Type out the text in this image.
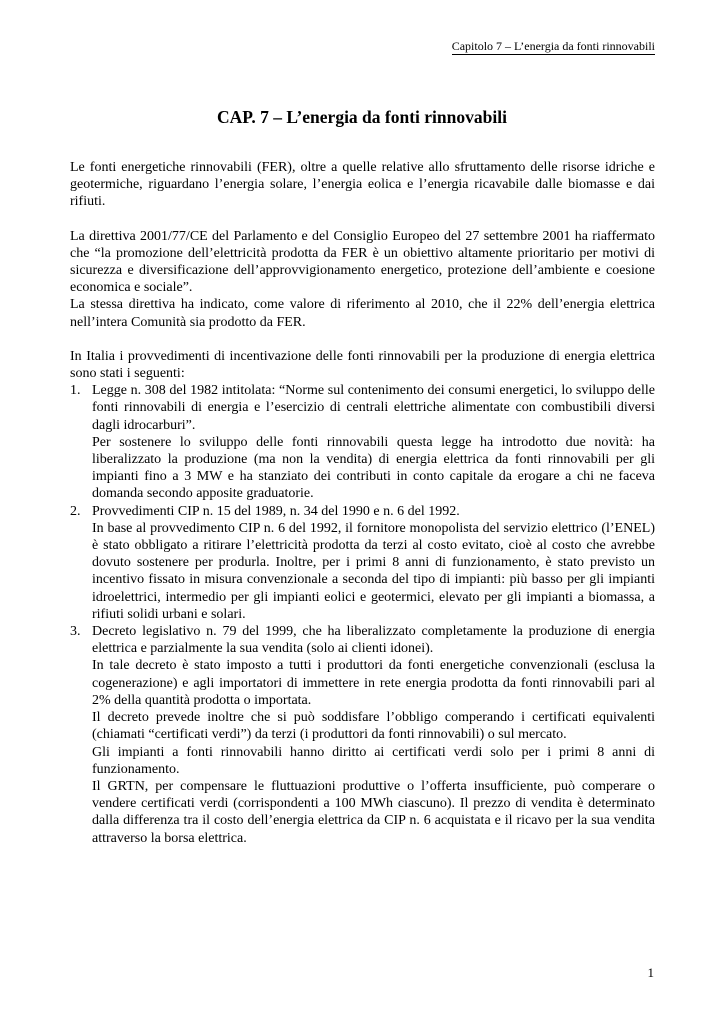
Capitolo 7 – L’energia da fonti rinnovabili
CAP. 7 – L’energia da fonti rinnovabili

Le fonti energetiche rinnovabili (FER), oltre a quelle relative allo sfruttamento delle risorse idriche e geotermiche, riguardano l’energia solare, l’energia eolica e l’energia ricavabile dalle biomasse e dai rifiuti.

La direttiva 2001/77/CE del Parlamento e del Consiglio Europeo del 27 settembre 2001 ha riaffermato che “la promozione dell’elettricità prodotta da FER è un obiettivo altamente prioritario per motivi di sicurezza e diversificazione dell’approvvigionamento energetico, protezione dell’ambiente e coesione economica e sociale”.

La stessa direttiva ha indicato, come valore di riferimento al 2010, che il 22% dell’energia elettrica nell’intera Comunità sia prodotto da FER.

In Italia i provvedimenti di incentivazione delle fonti rinnovabili per la produzione di energia elettrica sono stati i seguenti:

1. Legge n. 308 del 1982 intitolata: “Norme sul contenimento dei consumi energetici, lo sviluppo delle fonti rinnovabili di energia e l’esercizio di centrali elettriche alimentate con combustibili diversi dagli idrocarburi”.

Per sostenere lo sviluppo delle fonti rinnovabili questa legge ha introdotto due novità: ha liberalizzato la produzione (ma non la vendita) di energia elettrica da fonti rinnovabili per gli impianti fino a 3 MW e ha stanziato dei contributi in conto capitale da erogare a chi ne faceva domanda secondo apposite graduatorie.

2. Provvedimenti CIP n. 15 del 1989, n. 34 del 1990 e n. 6 del 1992.

In base al provvedimento CIP n. 6 del 1992, il fornitore monopolista del servizio elettrico (l’ENEL) è stato obbligato a ritirare l’elettricità prodotta da terzi al costo evitato, cioè al costo che avrebbe dovuto sostenere per produrla. Inoltre, per i primi 8 anni di funzionamento, è stato previsto un incentivo fissato in misura convenzionale a seconda del tipo di impianti: più basso per gli impianti idroelettrici, intermedio per gli impianti eolici e geotermici, elevato per gli impianti a biomassa, a rifiuti solidi urbani e solari.

3. Decreto legislativo n. 79 del 1999, che ha liberalizzato completamente la produzione di energia elettrica e parzialmente la sua vendita (solo ai clienti idonei).

In tale decreto è stato imposto a tutti i produttori da fonti energetiche convenzionali (esclusa la cogenerazione) e agli importatori di immettere in rete energia prodotta da fonti rinnovabili pari al 2% della quantità prodotta o importata.

Il decreto prevede inoltre che si può soddisfare l’obbligo comperando i certificati equivalenti (chiamati “certificati verdi”) da terzi (i produttori da fonti rinnovabili) o sul mercato.

Gli impianti a fonti rinnovabili hanno diritto ai certificati verdi solo per i primi 8 anni di funzionamento.

Il GRTN, per compensare le fluttuazioni produttive o l’offerta insufficiente, può comperare o vendere certificati verdi (corrispondenti a 100 MWh ciascuno). Il prezzo di vendita è determinato dalla differenza tra il costo dell’energia elettrica da CIP n. 6 acquistata e il ricavo per la sua vendita attraverso la borsa elettrica.

1
